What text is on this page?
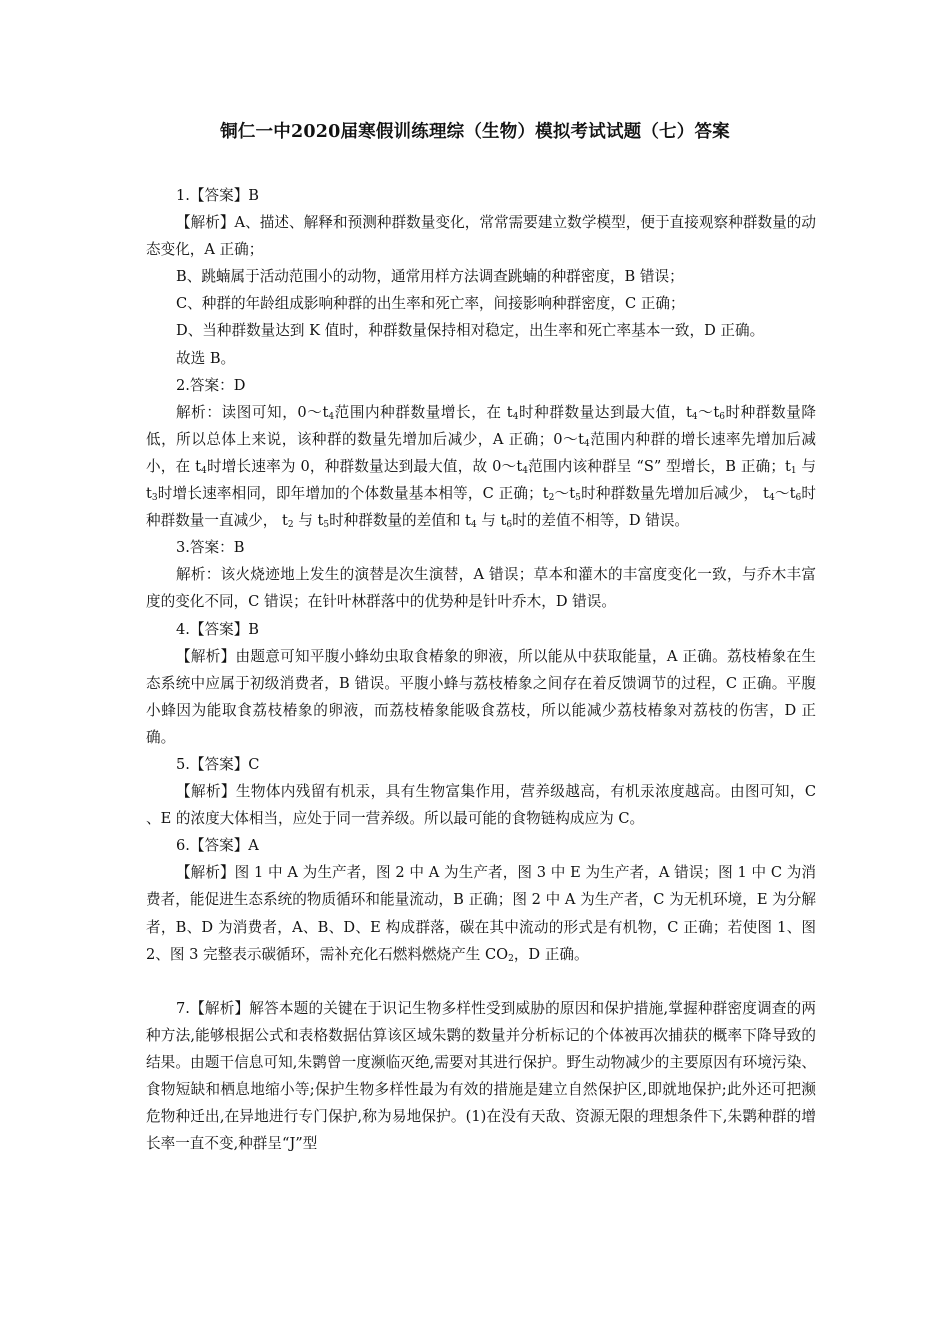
铜仁一中2020届寒假训练理综（生物）模拟考试试题（七）答案

1.【答案】B

【解析】A、描述、解释和预测种群数量变化，常常需要建立数学模型，便于直接观察种群数量的动态变化，A 正确；

B、跳蝻属于活动范围小的动物，通常用样方法调查跳蝻的种群密度，B 错误；

C、种群的年龄组成影响种群的出生率和死亡率，间接影响种群密度，C 正确；

D、当种群数量达到 K 值时，种群数量保持相对稳定，出生率和死亡率基本一致，D 正确。

故选 B。

2.答案：D

解析：读图可知，$0\sim t_4$范围内种群数量增长，在 $t_4$时种群数量达到最大值，$t_4\sim t_6$时种群数量降低，所以总体上来说，该种群的数量先增加后减少，A 正确；$0\sim t_4$范围内种群的增长速率先增加后减小，在 $t_4$时增长速率为 0，种群数量达到最大值，故 $0\sim t_4$范围内该种群呈 “S” 型增长，B 正确；$t_1$ 与 $t_3$时增长速率相同，即年增加的个体数量基本相等，C 正确；$t_2\sim t_5$时种群数量先增加后减少， $t_4\sim t_6$时种群数量一直减少， $t_2$ 与 $t_5$时种群数量的差值和 $t_4$ 与 $t_6$时的差值不相等，D 错误。

3.答案：B

解析：该火烧迹地上发生的演替是次生演替，A 错误；草本和灌木的丰富度变化一致，与乔木丰富度的变化不同，C 错误；在针叶林群落中的优势种是针叶乔木，D 错误。

4.【答案】B

【解析】由题意可知平腹小蜂幼虫取食椿象的卵液，所以能从中获取能量，A 正确。荔枝椿象在生态系统中应属于初级消费者，B 错误。平腹小蜂与荔枝椿象之间存在着反馈调节的过程，C 正确。平腹小蜂因为能取食荔枝椿象的卵液，而荔枝椿象能吸食荔枝，所以能减少荔枝椿象对荔枝的伤害，D 正确。

5.【答案】C

【解析】生物体内残留有机汞，具有生物富集作用，营养级越高，有机汞浓度越高。由图可知，C 、E 的浓度大体相当，应处于同一营养级。所以最可能的食物链构成应为 C。

6.【答案】A

【解析】图 1 中 A 为生产者，图 2 中 A 为生产者，图 3 中 E 为生产者，A 错误；图 1 中 C 为消费者，能促进生态系统的物质循环和能量流动，B 正确；图 2 中 A 为生产者，C 为无机环境，E 为分解者，B、D 为消费者，A、B、D、E 构成群落，碳在其中流动的形式是有机物，C 正确；若使图 1、图 2、图 3 完整表示碳循环，需补充化石燃料燃烧产生 $CO_2$，D 正确。

7.【解析】解答本题的关键在于识记生物多样性受到威胁的原因和保护措施,掌握种群密度调查的两种方法,能够根据公式和表格数据估算该区域朱鹮的数量并分析标记的个体被再次捕获的概率下降导致的结果。由题干信息可知,朱鹮曾一度濒临灭绝,需要对其进行保护。野生动物减少的主要原因有环境污染、食物短缺和栖息地缩小等;保护生物多样性最为有效的措施是建立自然保护区,即就地保护;此外还可把濒危物种迁出,在异地进行专门保护,称为易地保护。(1)在没有天敌、资源无限的理想条件下,朱鹮种群的增长率一直不变,种群呈“J”型
